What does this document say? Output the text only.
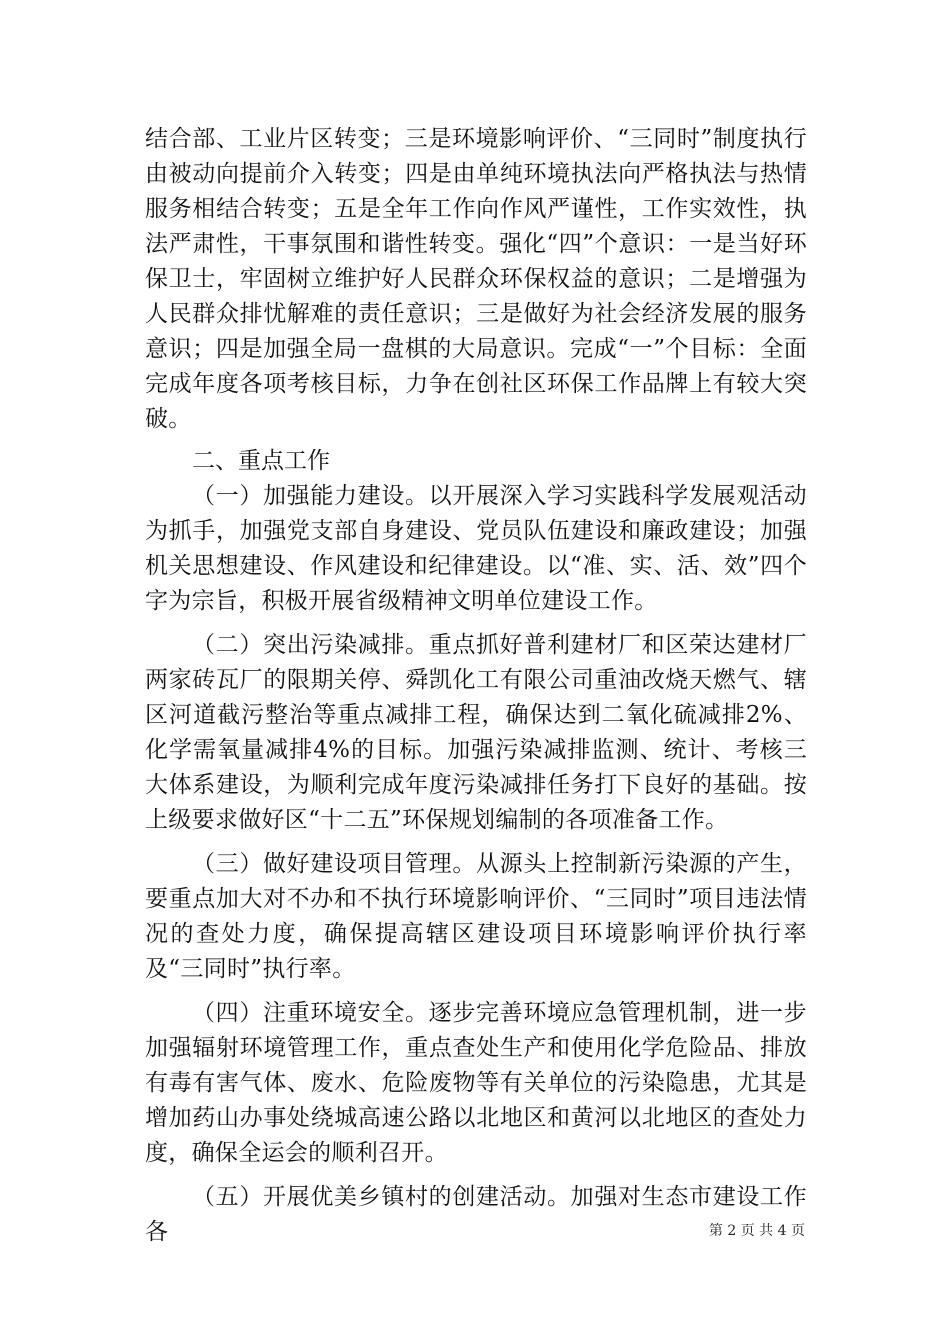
结合部、工业片区转变；三是环境影响评价、“三同时”制度执行由被动向提前介入转变；四是由单纯环境执法向严格执法与热情服务相结合转变；五是全年工作向作风严谨性，工作实效性，执法严肃性，干事氛围和谐性转变。强化“四”个意识：一是当好环保卫士，牢固树立维护好人民群众环保权益的意识；二是增强为人民群众排忧解难的责任意识；三是做好为社会经济发展的服务意识；四是加强全局一盘棋的大局意识。完成“一”个目标：全面完成年度各项考核目标，力争在创社区环保工作品牌上有较大突破。

二、重点工作

（一）加强能力建设。以开展深入学习实践科学发展观活动为抓手，加强党支部自身建设、党员队伍建设和廉政建设；加强机关思想建设、作风建设和纪律建设。以“准、实、活、效”四个字为宗旨，积极开展省级精神文明单位建设工作。

（二）突出污染减排。重点抓好普利建材厂和区荣达建材厂两家砖瓦厂的限期关停、舜凯化工有限公司重油改烧天燃气、辖区河道截污整治等重点减排工程，确保达到二氧化硫减排2%、化学需氧量减排4%的目标。加强污染减排监测、统计、考核三大体系建设，为顺利完成年度污染减排任务打下良好的基础。按上级要求做好区“十二五”环保规划编制的各项准备工作。

（三）做好建设项目管理。从源头上控制新污染源的产生，要重点加大对不办和不执行环境影响评价、“三同时”项目违法情况的查处力度，确保提高辖区建设项目环境影响评价执行率及“三同时”执行率。

（四）注重环境安全。逐步完善环境应急管理机制，进一步加强辐射环境管理工作，重点查处生产和使用化学危险品、排放有毒有害气体、废水、危险废物等有关单位的污染隐患，尤其是增加药山办事处绕城高速公路以北地区和黄河以北地区的查处力度，确保全运会的顺利召开。

（五）开展优美乡镇村的创建活动。加强对生态市建设工作各	第 2 页 共 4 页
